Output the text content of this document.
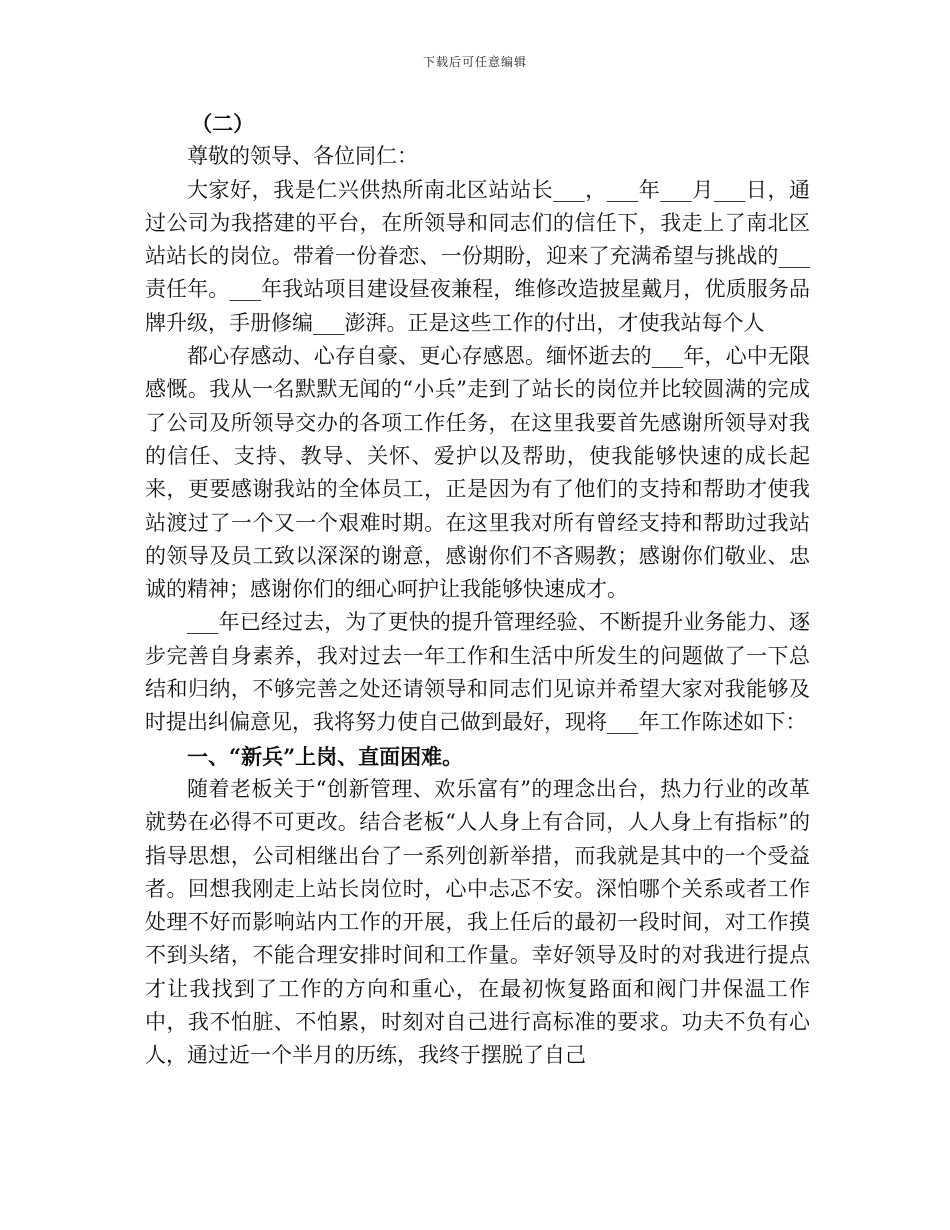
下载后可任意编辑

（二）

尊敬的领导、各位同仁：

大家好，我是仁兴供热所南北区站站长___，___年___月___日，通过公司为我搭建的平台，在所领导和同志们的信任下，我走上了南北区站站长的岗位。带着一份眷恋、一份期盼，迎来了充满希望与挑战的___责任年。___年我站项目建设昼夜兼程，维修改造披星戴月，优质服务品牌升级，手册修编___澎湃。正是这些工作的付出，才使我站每个人

都心存感动、心存自豪、更心存感恩。缅怀逝去的___年，心中无限感慨。我从一名默默无闻的“小兵”走到了站长的岗位并比较圆满的完成了公司及所领导交办的各项工作任务，在这里我要首先感谢所领导对我的信任、支持、教导、关怀、爱护以及帮助，使我能够快速的成长起来，更要感谢我站的全体员工，正是因为有了他们的支持和帮助才使我站渡过了一个又一个艰难时期。在这里我对所有曾经支持和帮助过我站的领导及员工致以深深的谢意，感谢你们不吝赐教；感谢你们敬业、忠诚的精神；感谢你们的细心呵护让我能够快速成才。

___年已经过去，为了更快的提升管理经验、不断提升业务能力、逐步完善自身素养，我对过去一年工作和生活中所发生的问题做了一下总结和归纳，不够完善之处还请领导和同志们见谅并希望大家对我能够及时提出纠偏意见，我将努力使自己做到最好，现将___年工作陈述如下：

一、“新兵”上岗、直面困难。

随着老板关于“创新管理、欢乐富有”的理念出台，热力行业的改革就势在必得不可更改。结合老板“人人身上有合同，人人身上有指标”的指导思想，公司相继出台了一系列创新举措，而我就是其中的一个受益者。回想我刚走上站长岗位时，心中忐忑不安。深怕哪个关系或者工作处理不好而影响站内工作的开展，我上任后的最初一段时间，对工作摸不到头绪，不能合理安排时间和工作量。幸好领导及时的对我进行提点才让我找到了工作的方向和重心，在最初恢复路面和阀门井保温工作中，我不怕脏、不怕累，时刻对自己进行高标准的要求。功夫不负有心人，通过近一个半月的历练，我终于摆脱了自己
